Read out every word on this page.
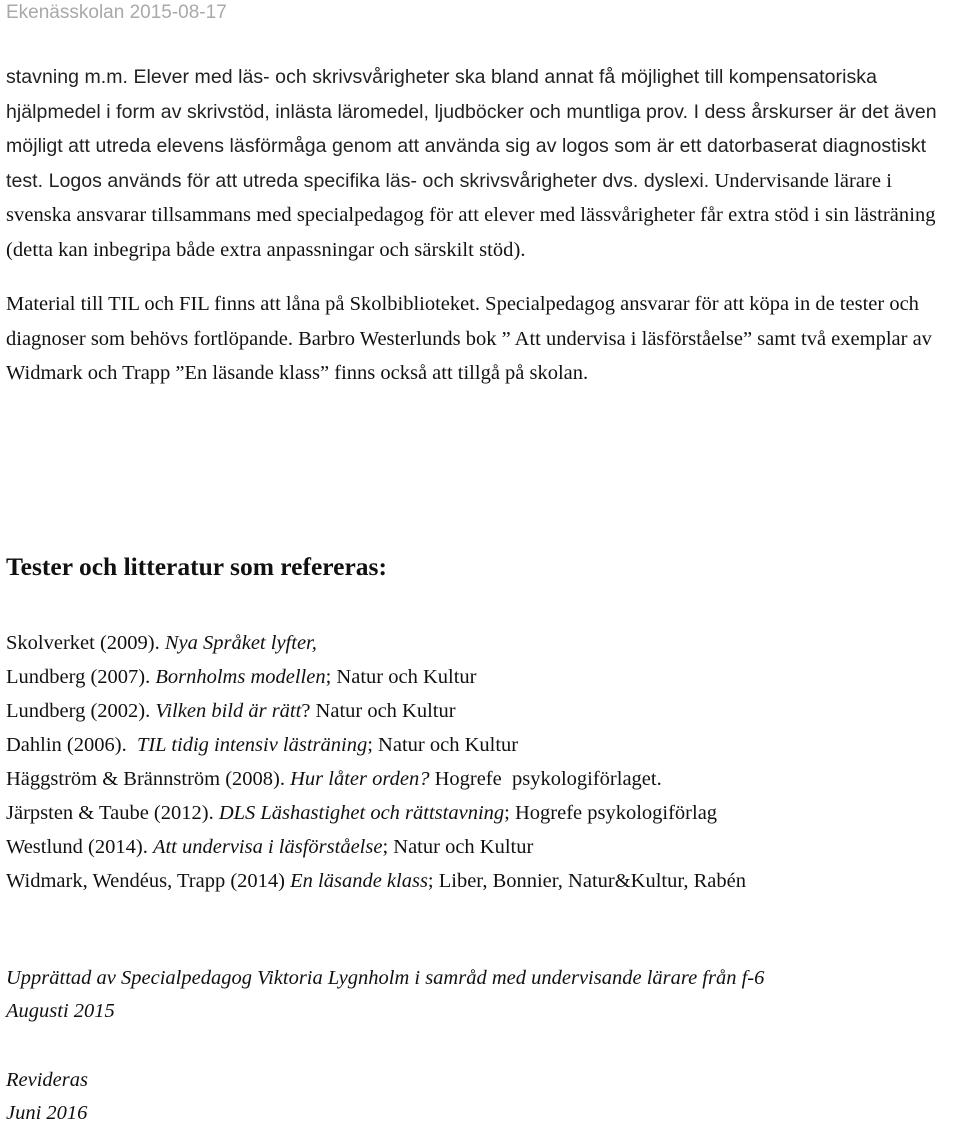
Ekenässkolan 2015-08-17

stavning m.m. Elever med läs- och skrivsvårigheter ska bland annat få möjlighet till kompensatoriska hjälpmedel i form av skrivstöd, inlästa läromedel, ljudböcker och muntliga prov. I dess årskurser är det även möjligt att utreda elevens läsförmåga genom att använda sig av logos som är ett datorbaserat diagnostiskt test. Logos används för att utreda specifika läs- och skrivsvårigheter dvs. dyslexi. Undervisande lärare i svenska ansvarar tillsammans med specialpedagog för att elever med lässvårigheter får extra stöd i sin lästräning (detta kan inbegripa både extra anpassningar och särskilt stöd).

Material till TIL och FIL finns att låna på Skolbiblioteket. Specialpedagog ansvarar för att köpa in de tester och diagnoser som behövs fortlöpande. Barbro Westerlunds bok ” Att undervisa i läsförståelse” samt två exemplar av Widmark och Trapp ”En läsande klass” finns också att tillgå på skolan.

Tester och litteratur som refereras:
Skolverket (2009). Nya Språket lyfter,
Lundberg (2007). Bornholms modellen; Natur och Kultur
Lundberg (2002). Vilken bild är rätt? Natur och Kultur
Dahlin (2006).  TIL tidig intensiv lästräning; Natur och Kultur
Häggström & Brännström (2008). Hur låter orden? Hogrefe  psykologiförlaget.
Järpsten & Taube (2012). DLS Läshastighet och rättstavning; Hogrefe psykologiförlag
Westlund (2014). Att undervisa i läsförståelse; Natur och Kultur
Widmark, Wendéus, Trapp (2014) En läsande klass; Liber, Bonnier, Natur&Kultur, Rabén
Upprättad av Specialpedagog Viktoria Lygnholm i samråd med undervisande lärare från f-6
Augusti 2015
Revideras
Juni 2016
